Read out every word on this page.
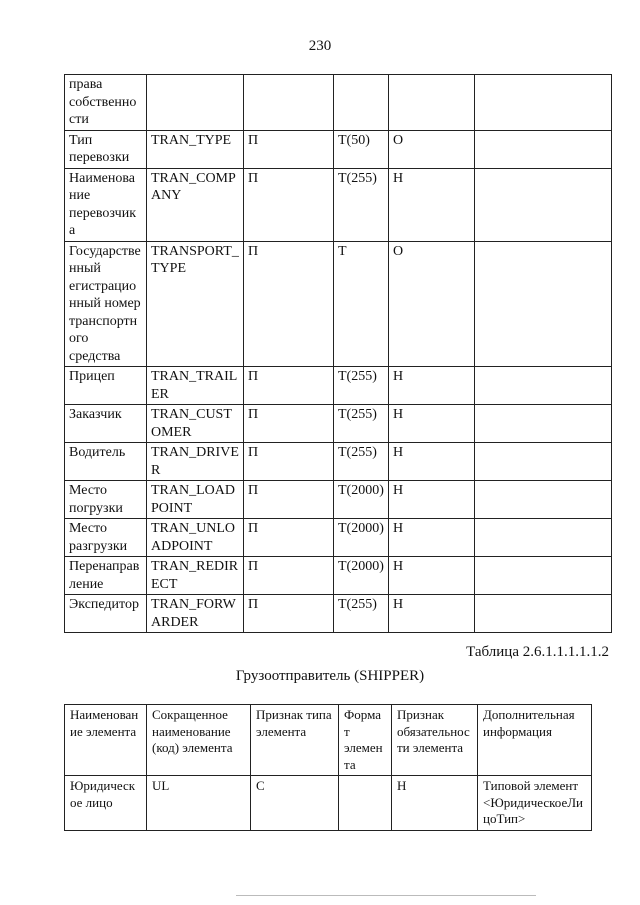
230
права собственности					
Тип перевозки	TRAN_TYPE	П	T(50)	О	
Наименование перевозчика	TRAN_COMPANY	П	T(255)	Н	
Государственный егистрационный номер транспортного средства	TRANSPORT_TYPE	П	T	О	
Прицеп	TRAN_TRAILER	П	T(255)	Н	
Заказчик	TRAN_CUSTOMER	П	T(255)	Н	
Водитель	TRAN_DRIVER	П	T(255)	Н	
Место погрузки	TRAN_LOADPOINT	П	T(2000)	Н	
Место разгрузки	TRAN_UNLOADPOINT	П	T(2000)	Н	
Перенаправление	TRAN_REDIRECT	П	T(2000)	Н	
Экспедитор	TRAN_FORWARDER	П	T(255)	Н	
Таблица 2.6.1.1.1.1.1.2
Грузоотправитель (SHIPPER)
Наименование элемента	Сокращенное наименование (код) элемента	Признак типа элемента	Формат элемента	Признак обязательности элемента	Дополнительная информация
Юридическое лицо	UL	С		Н	Типовой элемент <ЮридическоеЛицоТип>
